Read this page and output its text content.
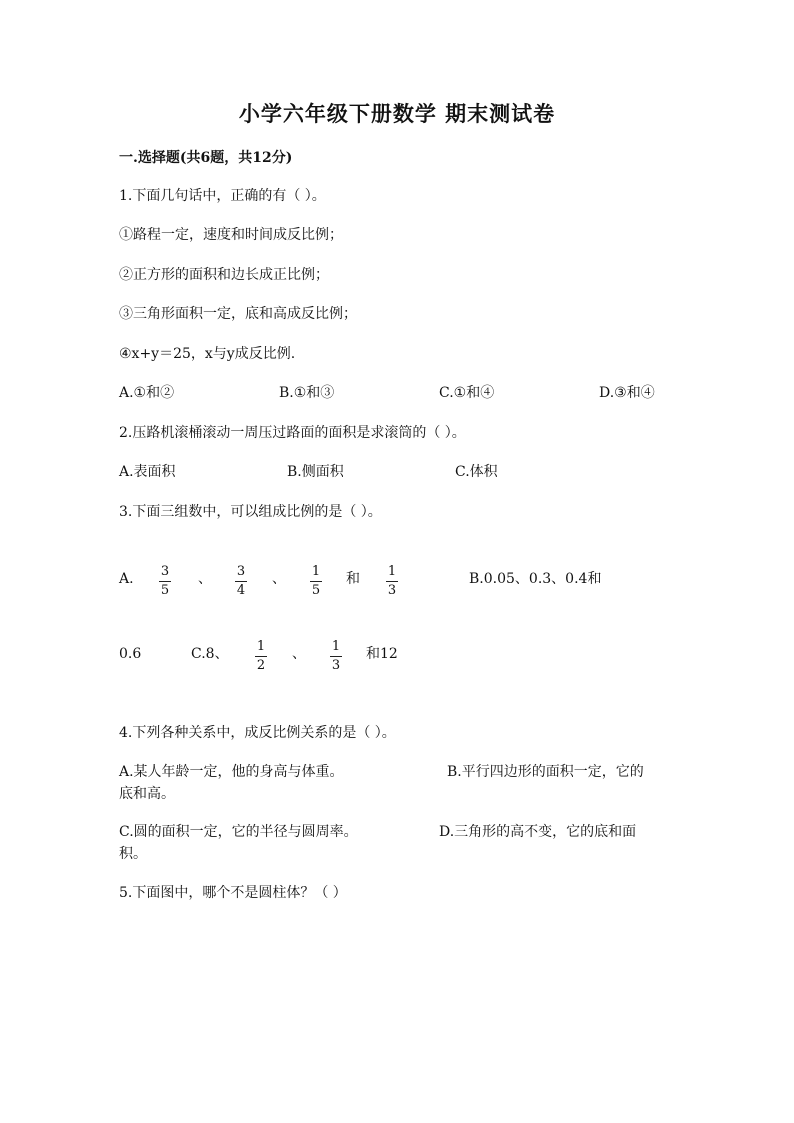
小学六年级下册数学 期末测试卷
一.选择题(共6题，共12分)
1.下面几句话中，正确的有（ ）。
①路程一定，速度和时间成反比例；
②正方形的面积和边长成正比例；
③三角形面积一定，底和高成反比例；
④x+y＝25，x与y成反比例.
A.①和②	B.①和③	C.①和④	D.③和④
2.压路机滚桶滚动一周压过路面的面积是求滚筒的（ ）。
A.表面积	B.侧面积	C.体积
3.下面三组数中，可以组成比例的是（ ）。
A. 3
5
、 3
4
、 1
5
和 1
3
B.0.05、0.3、0.4和
0.6	C.8、 1
2
、 1
3
和12
4.下列各种关系中，成反比例关系的是（ ）。
A.某人年龄一定，他的身高与体重。	B.平行四边形的面积一定，它的
底和高。
C.圆的面积一定，它的半径与圆周率。	D.三角形的高不变，它的底和面
积。
5.下面图中，哪个不是圆柱体？（ ）
